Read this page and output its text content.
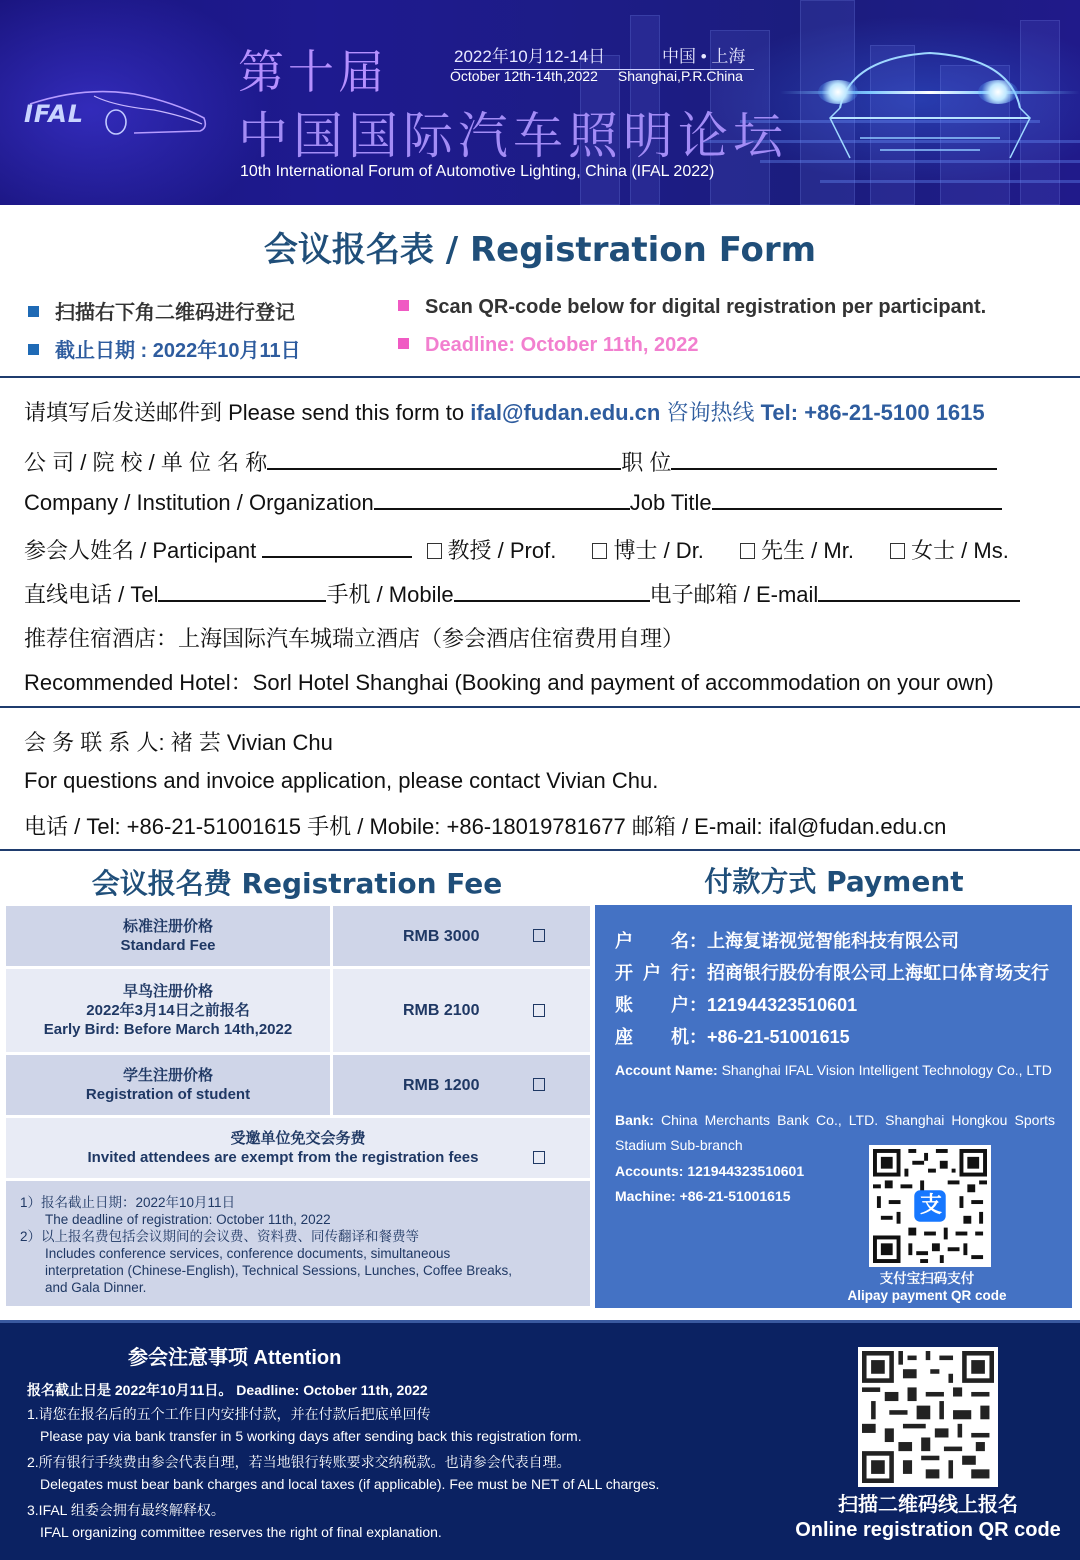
IFAL
第十届	2022年10月12-14日	中国 • 上海
October 12th-14th,2022 Shanghai,P.R.China
中国国际汽车照明论坛
10th International Forum of Automotive Lighting, China (IFAL 2022)
会议报名表 / Registration Form
扫描右下角二维码进行登记
截止日期 : 2022年10月11日
Scan QR-code below for digital registration per participant.
Deadline: October 11th, 2022
请填写后发送邮件到 Please send this form to ifal@fudan.edu.cn 咨询热线 Tel: +86-21-5100 1615
公 司 / 院 校 / 单 位 名 称	职 位
Company / Institution / Organization	Job Title
参会人姓名 / Participant	教授 / Prof.	博士 / Dr.	先生 / Mr.	女士 / Ms.
直线电话 / Tel	手机 / Mobile	电子邮箱 / E-mail
推荐住宿酒店：上海国际汽车城瑞立酒店（参会酒店住宿费用自理）
Recommended Hotel：Sorl Hotel Shanghai (Booking and payment of accommodation on your own)
会 务 联 系 人: 褚 芸 Vivian Chu
For questions and invoice application, please contact Vivian Chu.
电话 / Tel: +86-21-51001615 手机 / Mobile: +86-18019781677 邮箱 / E-mail: ifal@fudan.edu.cn
会议报名费 Registration Fee
标准注册价格
Standard Fee
RMB 3000
早鸟注册价格
2022年3月14日之前报名
Early Bird: Before March 14th,2022
RMB 2100
学生注册价格
Registration of student
RMB 1200
受邀单位免交会务费
Invited attendees are exempt from the registration fees
1）报名截止日期：2022年10月11日
The deadline of registration: October 11th, 2022
2）以上报名费包括会议期间的会议费、资料费、同传翻译和餐费等
Includes conference services, conference documents, simultaneous
interpretation (Chinese-English), Technical Sessions, Lunches, Coffee Breaks,
and Gala Dinner.
付款方式 Payment
户名：上海复诺视觉智能科技有限公司
开户行：招商银行股份有限公司上海虹口体育场支行
账户：121944323510601
座机：+86-21-51001615
Account Name: Shanghai IFAL Vision Intelligent Technology Co., LTD
Bank: China Merchants Bank Co., LTD. Shanghai Hongkou Sports Stadium Sub-branch
Accounts: 121944323510601
Machine: +86-21-51001615	支
支付宝扫码支付
Alipay payment QR code
参会注意事项 Attention
报名截止日是 2022年10月11日。 Deadline: October 11th, 2022
1.请您在报名后的五个工作日内安排付款，并在付款后把底单回传
Please pay via bank transfer in 5 working days after sending back this registration form.
2.所有银行手续费由参会代表自理，若当地银行转账要求交纳税款。也请参会代表自理。
Delegates must bear bank charges and local taxes (if applicable). Fee must be NET of ALL charges.
3.IFAL 组委会拥有最终解释权。
IFAL organizing committee reserves the right of final explanation.
扫描二维码线上报名
Online registration QR code
